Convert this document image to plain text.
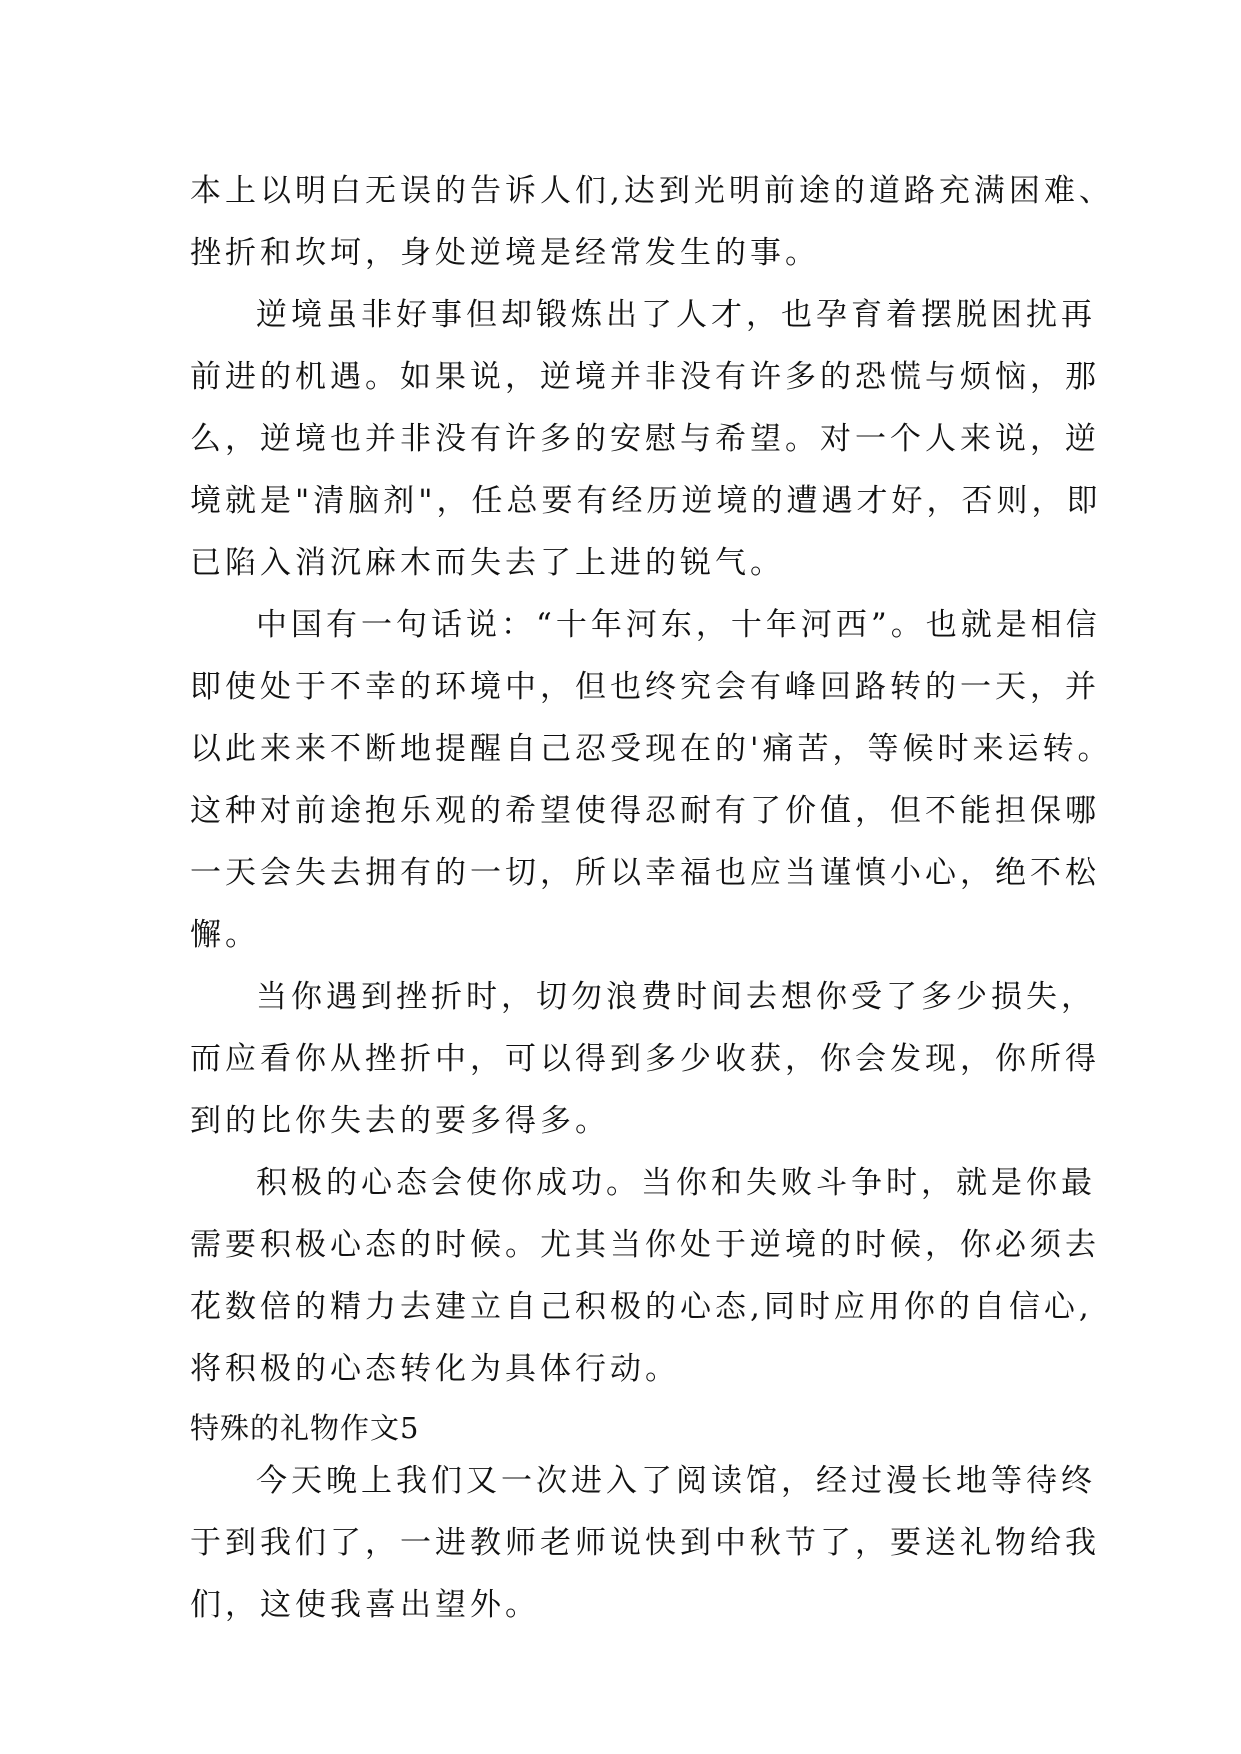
本上以明白无误的告诉人们,达到光明前途的道路充满困难、
挫折和坎坷，身处逆境是经常发生的事。
逆境虽非好事但却锻炼出了人才，也孕育着摆脱困扰再
前进的机遇。如果说，逆境并非没有许多的恐慌与烦恼，那
么，逆境也并非没有许多的安慰与希望。对一个人来说，逆
境就是"清脑剂"，任总要有经历逆境的遭遇才好，否则，即
已陷入消沉麻木而失去了上进的锐气。
中国有一句话说：“十年河东，十年河西”。也就是相信
即使处于不幸的环境中，但也终究会有峰回路转的一天，并
以此来来不断地提醒自己忍受现在的'痛苦，等候时来运转。
这种对前途抱乐观的希望使得忍耐有了价值，但不能担保哪
一天会失去拥有的一切，所以幸福也应当谨慎小心，绝不松
懈。
当你遇到挫折时，切勿浪费时间去想你受了多少损失，
而应看你从挫折中，可以得到多少收获，你会发现，你所得
到的比你失去的要多得多。
积极的心态会使你成功。当你和失败斗争时，就是你最
需要积极心态的时候。尤其当你处于逆境的时候，你必须去
花数倍的精力去建立自己积极的心态,同时应用你的自信心,
将积极的心态转化为具体行动。
特殊的礼物作文5
今天晚上我们又一次进入了阅读馆，经过漫长地等待终
于到我们了，一进教师老师说快到中秋节了，要送礼物给我
们，这使我喜出望外。
